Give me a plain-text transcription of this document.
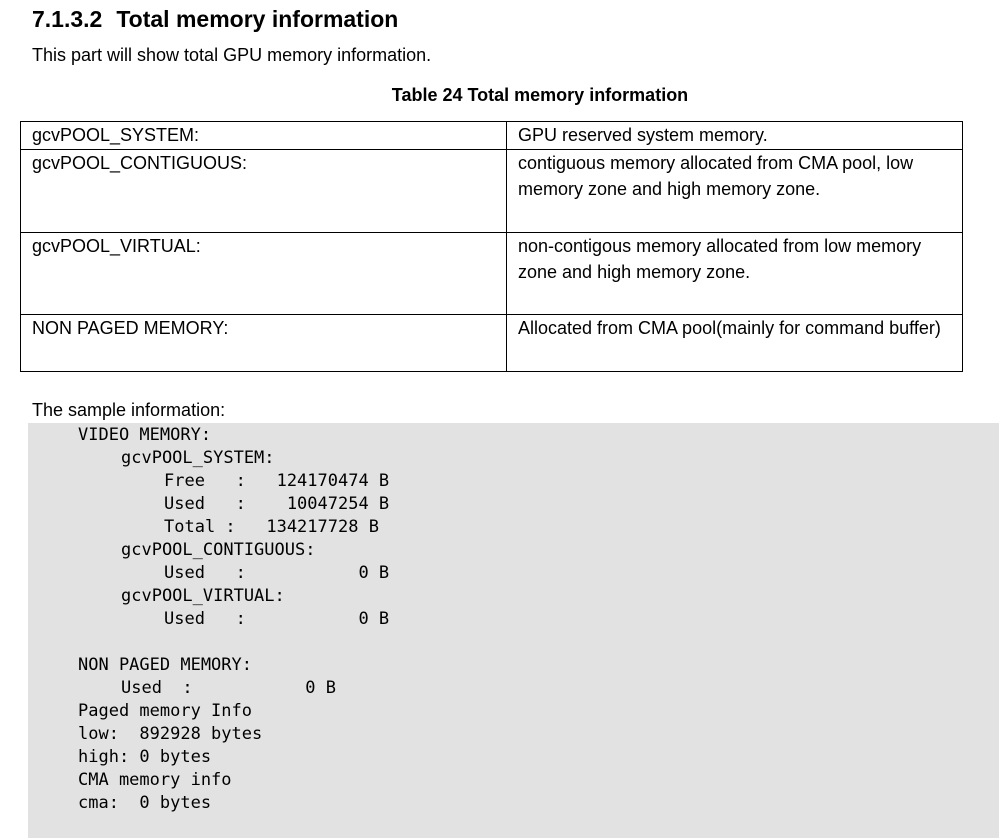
7.1.3.2 Total memory information
This part will show total GPU memory information.
Table 24 Total memory information
gcvPOOL_SYSTEM:	GPU reserved system memory.
gcvPOOL_CONTIGUOUS:	contiguous memory allocated from CMA pool, low memory zone and high memory zone.
gcvPOOL_VIRTUAL:	non-contigous memory allocated from low memory zone and high memory zone.
NON PAGED MEMORY:	Allocated from CMA pool(mainly for command buffer)
The sample information:
VIDEO MEMORY:
gcvPOOL_SYSTEM:
Free   :   124170474 B
Used   :    10047254 B
Total :   134217728 B
gcvPOOL_CONTIGUOUS:
Used   :           0 B
gcvPOOL_VIRTUAL:
Used   :           0 B
NON PAGED MEMORY:
Used  :           0 B
Paged memory Info
low:  892928 bytes
high: 0 bytes
CMA memory info
cma:  0 bytes
